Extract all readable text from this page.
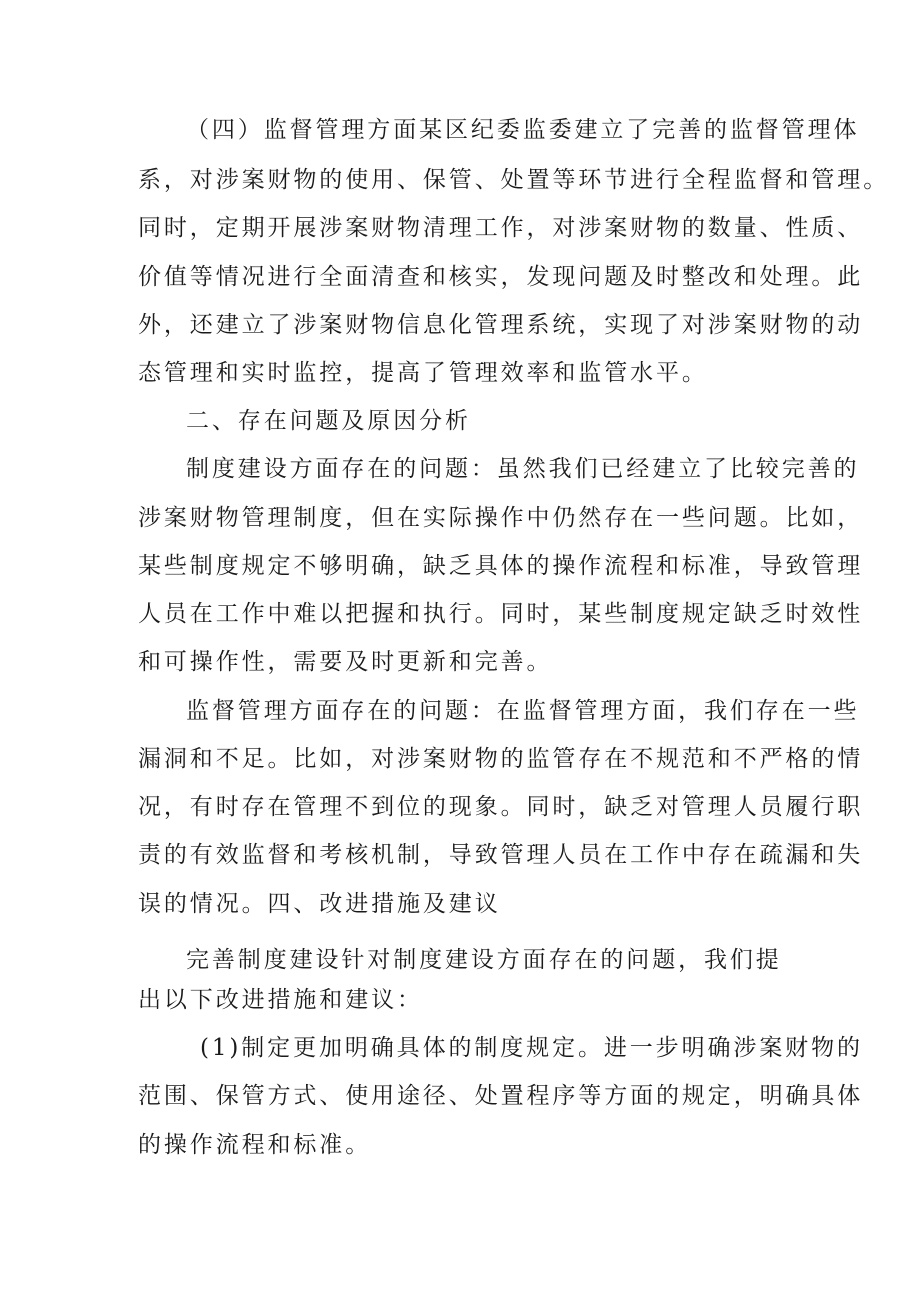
（四）监督管理方面某区纪委监委建立了完善的监督管理体
系，对涉案财物的使用、保管、处置等环节进行全程监督和管理。
同时，定期开展涉案财物清理工作，对涉案财物的数量、性质、
价值等情况进行全面清查和核实，发现问题及时整改和处理。此
外，还建立了涉案财物信息化管理系统，实现了对涉案财物的动
态管理和实时监控，提高了管理效率和监管水平。
二、存在问题及原因分析
制度建设方面存在的问题：虽然我们已经建立了比较完善的
涉案财物管理制度，但在实际操作中仍然存在一些问题。比如，
某些制度规定不够明确，缺乏具体的操作流程和标准，导致管理
人员在工作中难以把握和执行。同时，某些制度规定缺乏时效性
和可操作性，需要及时更新和完善。
监督管理方面存在的问题：在监督管理方面，我们存在一些
漏洞和不足。比如，对涉案财物的监管存在不规范和不严格的情
况，有时存在管理不到位的现象。同时，缺乏对管理人员履行职
责的有效监督和考核机制，导致管理人员在工作中存在疏漏和失
误的情况。四、改进措施及建议
完善制度建设针对制度建设方面存在的问题，我们提
出以下改进措施和建议：
(1)制定更加明确具体的制度规定。进一步明确涉案财物的
范围、保管方式、使用途径、处置程序等方面的规定，明确具体
的操作流程和标准。
